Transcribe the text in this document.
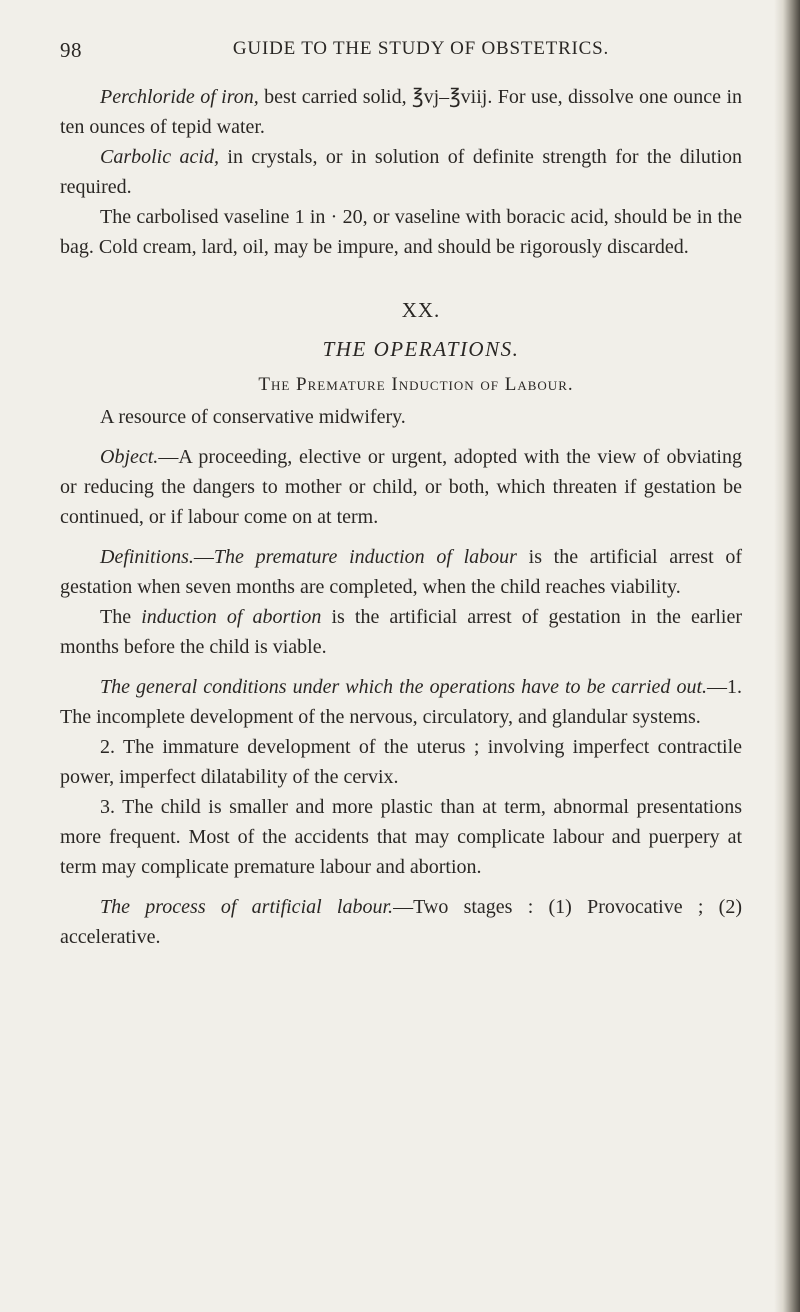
98	GUIDE TO THE STUDY OF OBSTETRICS.

Perchloride of iron, best carried solid, ℥vj–℥viij. For use, dissolve one ounce in ten ounces of tepid water.

Carbolic acid, in crystals, or in solution of definite strength for the dilution required.

The carbolised vaseline 1 in · 20, or vaseline with boracic acid, should be in the bag. Cold cream, lard, oil, may be impure, and should be rigorously discarded.

XX.
THE OPERATIONS.
The Premature Induction of Labour.

A resource of conservative midwifery.

Object.—A proceeding, elective or urgent, adopted with the view of obviating or reducing the dangers to mother or child, or both, which threaten if gestation be continued, or if labour come on at term.

Definitions.—The premature induction of labour is the artificial arrest of gestation when seven months are completed, when the child reaches viability.

The induction of abortion is the artificial arrest of gestation in the earlier months before the child is viable.

The general conditions under which the operations have to be carried out.—1. The incomplete development of the nervous, circulatory, and glandular systems.

2. The immature development of the uterus ; involving imperfect contractile power, imperfect dilatability of the cervix.

3. The child is smaller and more plastic than at term, abnormal presentations more frequent. Most of the accidents that may complicate labour and puerpery at term may complicate premature labour and abortion.

The process of artificial labour.—Two stages : (1) Provocative ; (2) accelerative.
